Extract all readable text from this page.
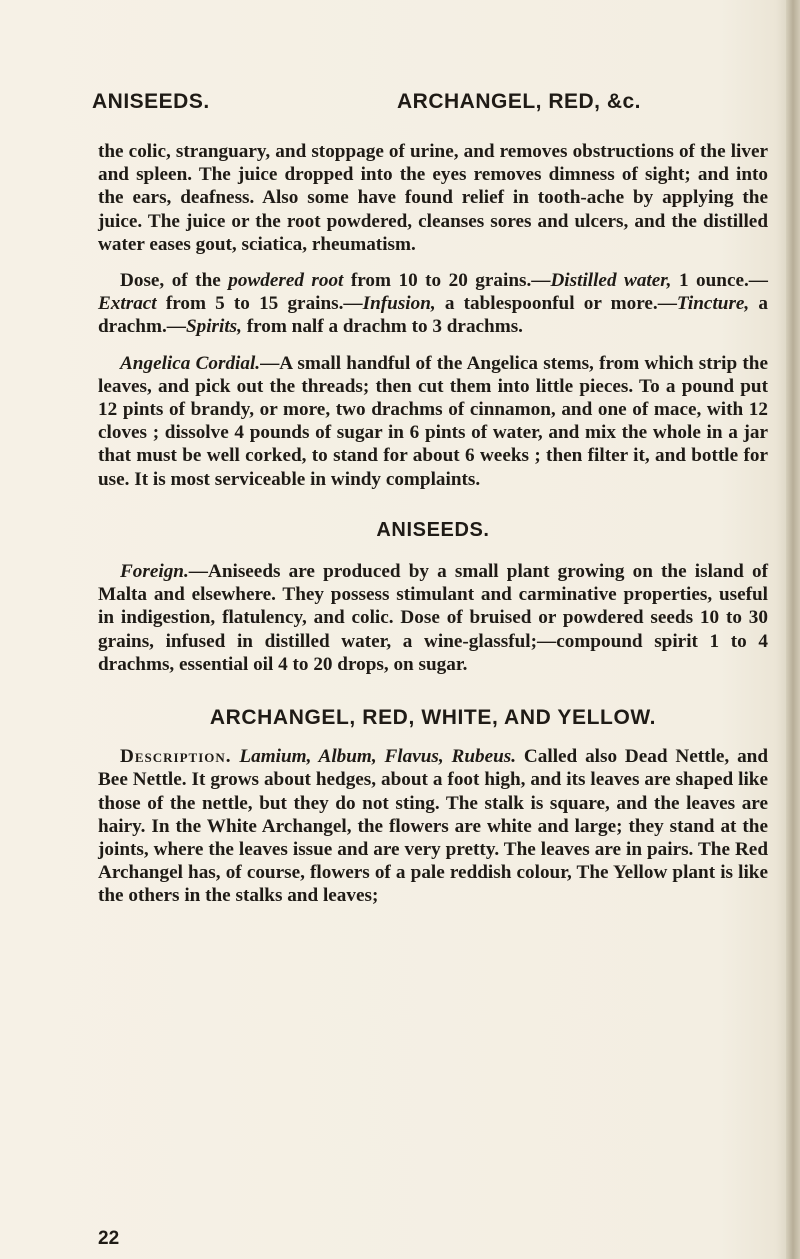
ANISEEDS.	ARCHANGEL, RED, &c.

the colic, stranguary, and stoppage of urine, and removes obstructions of the liver and spleen. The juice dropped into the eyes removes dimness of sight; and into the ears, deafness. Also some have found relief in tooth-ache by applying the juice. The juice or the root powdered, cleanses sores and ulcers, and the distilled water eases gout, sciatica, rheumatism.

Dose, of the powdered root from 10 to 20 grains.—Distilled water, 1 ounce.—Extract from 5 to 15 grains.—Infusion, a tablespoonful or more.—Tincture, a drachm.—Spirits, from nalf a drachm to 3 drachms.

Angelica Cordial.—A small handful of the Angelica stems, from which strip the leaves, and pick out the threads; then cut them into little pieces. To a pound put 12 pints of brandy, or more, two drachms of cinnamon, and one of mace, with 12 cloves ; dissolve 4 pounds of sugar in 6 pints of water, and mix the whole in a jar that must be well corked, to stand for about 6 weeks ; then filter it, and bottle for use. It is most serviceable in windy complaints.

ANISEEDS.

Foreign.—Aniseeds are produced by a small plant growing on the island of Malta and elsewhere. They possess stimulant and carminative properties, useful in indigestion, flatulency, and colic. Dose of bruised or powdered seeds 10 to 30 grains, infused in distilled water, a wine-glassful;—compound spirit 1 to 4 drachms, essential oil 4 to 20 drops, on sugar.

ARCHANGEL, RED, WHITE, AND YELLOW.

Description. Lamium, Album, Flavus, Rubeus. Called also Dead Nettle, and Bee Nettle. It grows about hedges, about a foot high, and its leaves are shaped like those of the nettle, but they do not sting. The stalk is square, and the leaves are hairy. In the White Archangel, the flowers are white and large; they stand at the joints, where the leaves issue and are very pretty. The leaves are in pairs. The Red Archangel has, of course, flowers of a pale reddish colour, The Yellow plant is like the others in the stalks and leaves;

22
